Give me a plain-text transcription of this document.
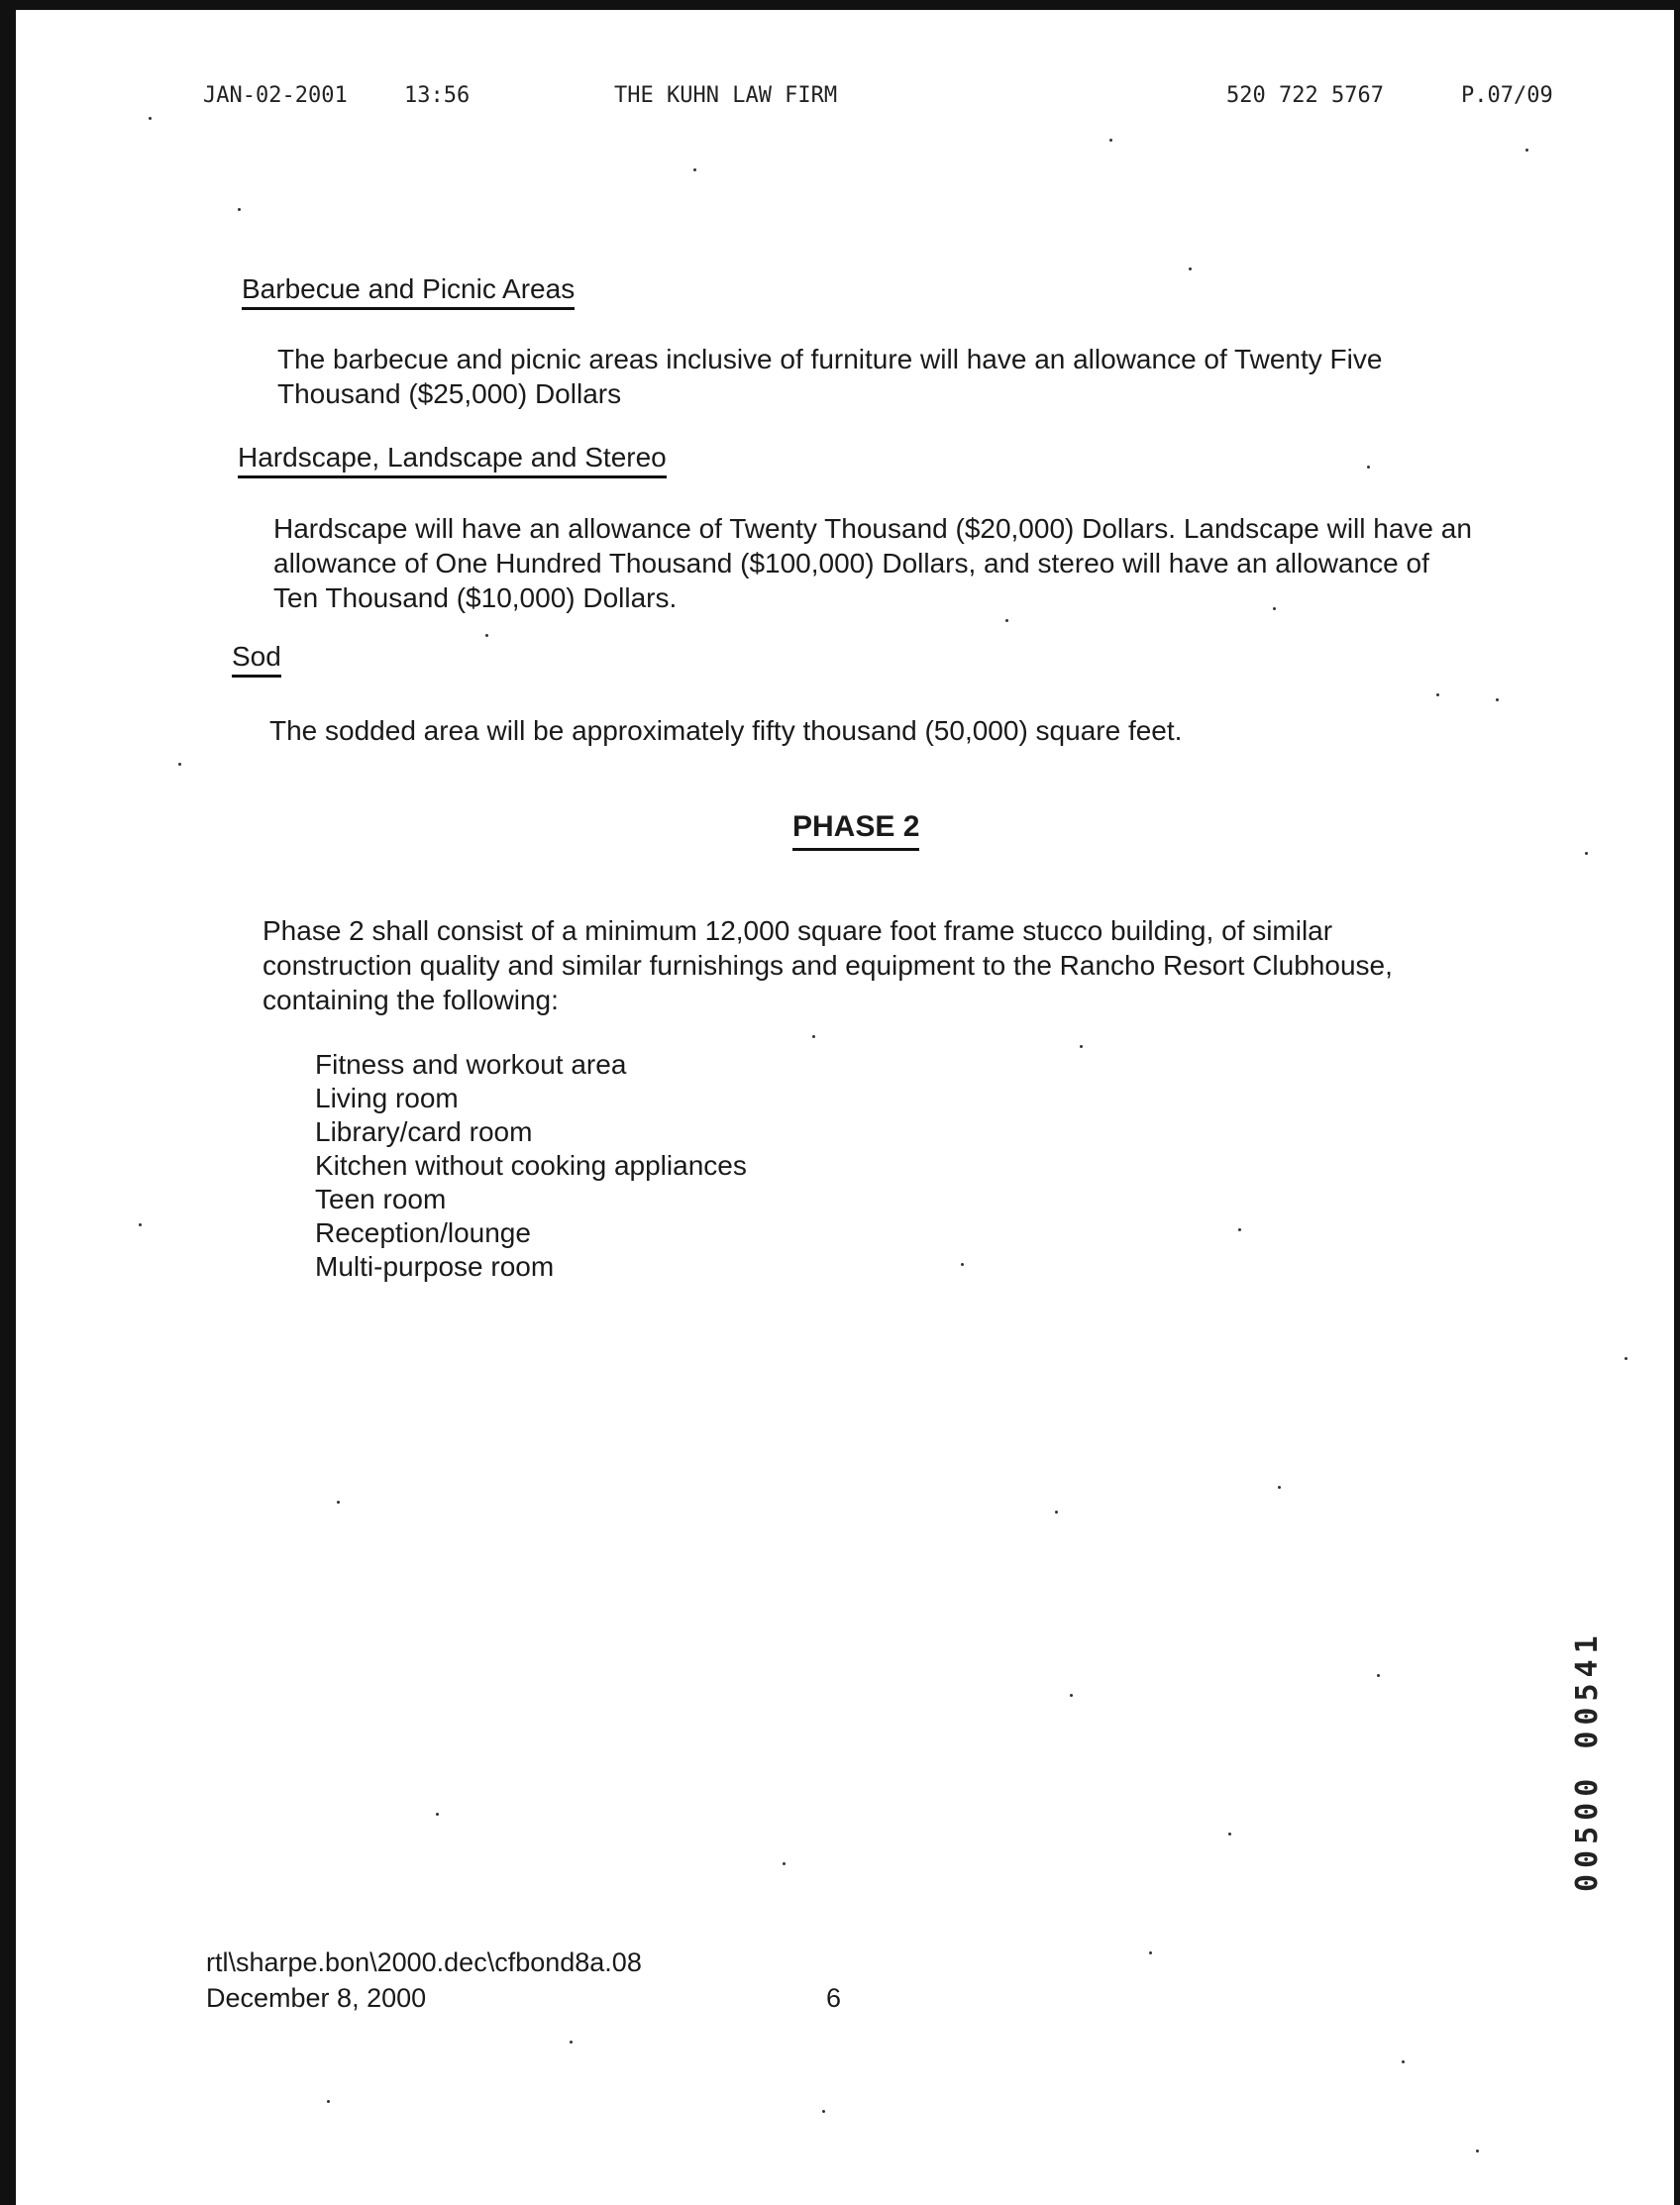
JAN-02-2001	13:56	THE KUHN LAW FIRM	520 722 5767	P.07/09
Barbecue and Picnic Areas

The barbecue and picnic areas inclusive of furniture will have an allowance of Twenty Five Thousand ($25,000) Dollars

Hardscape, Landscape and Stereo

Hardscape will have an allowance of Twenty Thousand ($20,000) Dollars. Landscape will have an allowance of One Hundred Thousand ($100,000) Dollars, and stereo will have an allowance of Ten Thousand ($10,000) Dollars.

Sod

The sodded area will be approximately fifty thousand (50,000) square feet.

PHASE 2

Phase 2 shall consist of a minimum 12,000 square foot frame stucco building, of similar construction quality and similar furnishings and equipment to the Rancho Resort Clubhouse, containing the following:

Fitness and workout area
Living room
Library/card room
Kitchen without cooking appliances
Teen room
Reception/lounge
Multi-purpose room
rtl\sharpe.bon\2000.dec\cfbond8a.08
December 8, 2000	6
00500 00541
